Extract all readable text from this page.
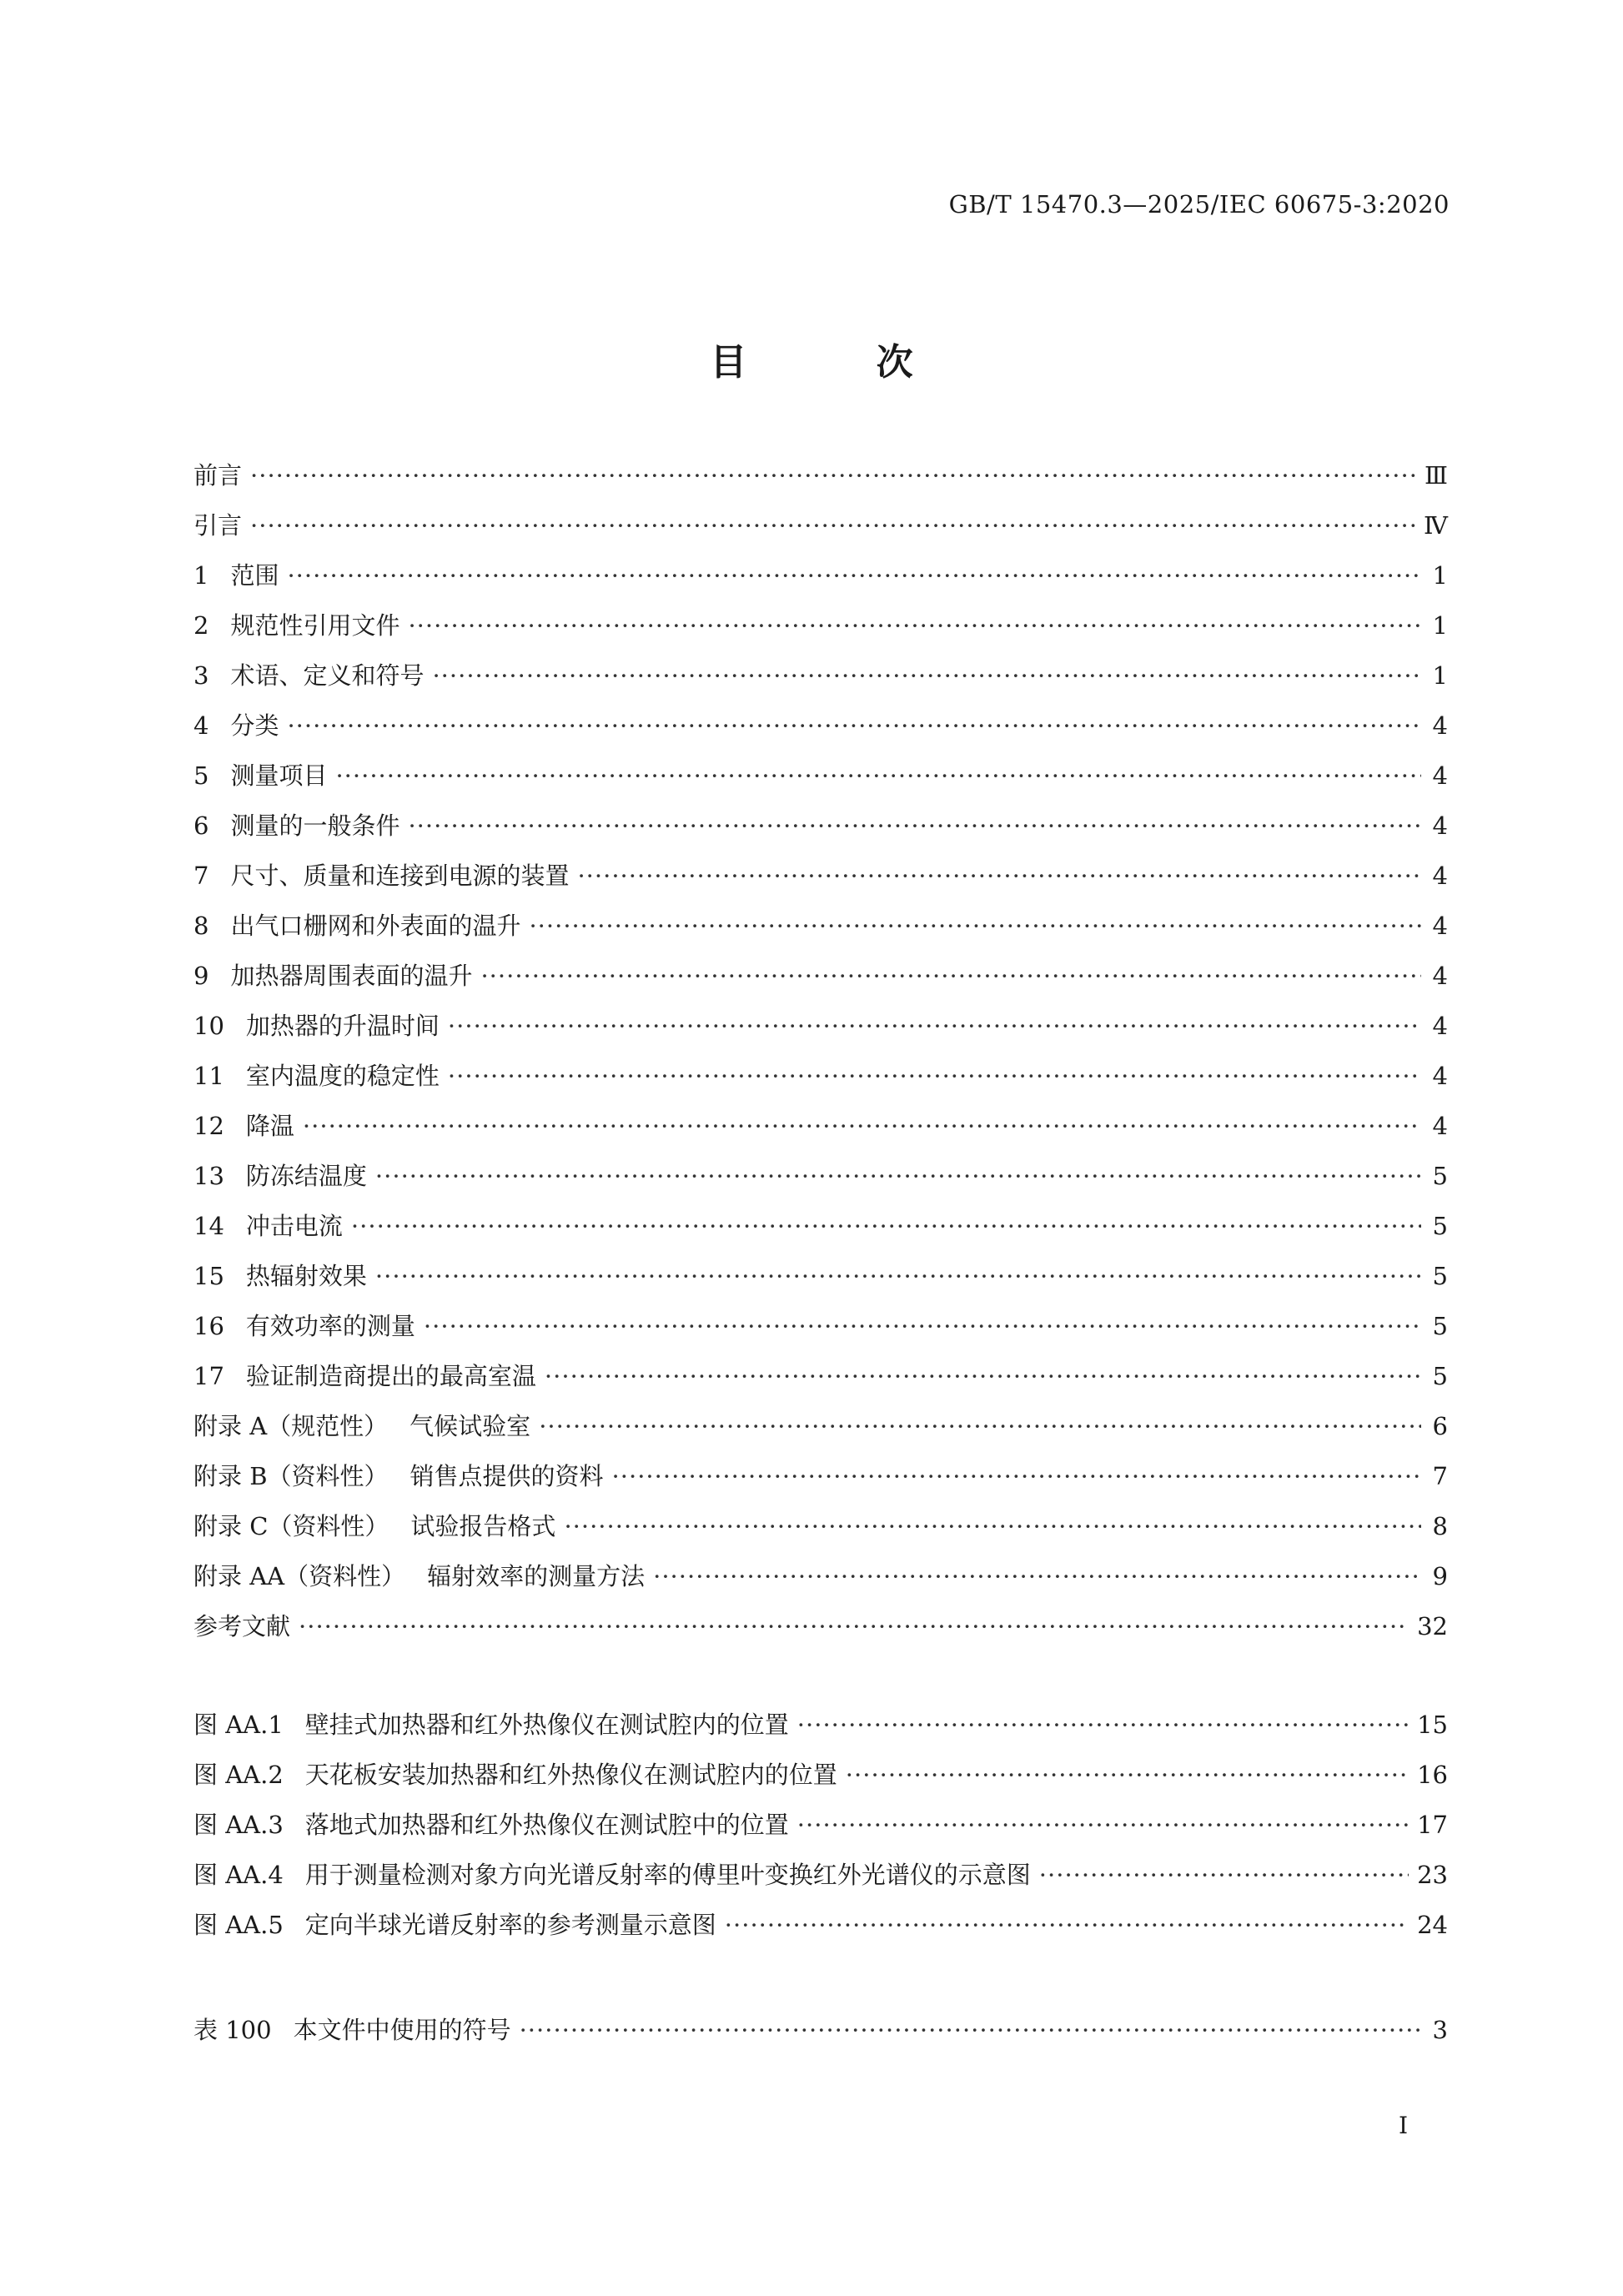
GB/T 15470.3—2025/IEC 60675-3:2020
目 次
前言 ·····	Ⅲ
引言 ·····	Ⅳ
1 范围 ·····	1
2 规范性引用文件 ·····	1
3 术语、定义和符号 ·····	1
4 分类 ·····	4
5 测量项目 ·····	4
6 测量的一般条件 ·····	4
7 尺寸、质量和连接到电源的装置 ·····	4
8 出气口栅网和外表面的温升 ·····	4
9 加热器周围表面的温升 ·····	4
10 加热器的升温时间 ·····	4
11 室内温度的稳定性 ·····	4
12 降温 ·····	4
13 防冻结温度 ·····	5
14 冲击电流 ·····	5
15 热辐射效果 ·····	5
16 有效功率的测量 ·····	5
17 验证制造商提出的最高室温 ·····	5
附录 A（规范性） 气候试验室 ·····	6
附录 B（资料性） 销售点提供的资料 ·····	7
附录 C（资料性） 试验报告格式 ·····	8
附录 AA（资料性） 辐射效率的测量方法 ·····	9
参考文献 ·····	32
图 AA.1 壁挂式加热器和红外热像仪在测试腔内的位置 ·····	15
图 AA.2 天花板安装加热器和红外热像仪在测试腔内的位置 ·····	16
图 AA.3 落地式加热器和红外热像仪在测试腔中的位置 ·····	17
图 AA.4 用于测量检测对象方向光谱反射率的傅里叶变换红外光谱仪的示意图 ·····	23
图 AA.5 定向半球光谱反射率的参考测量示意图 ·····	24
表 100 本文件中使用的符号 ·····	3
I
